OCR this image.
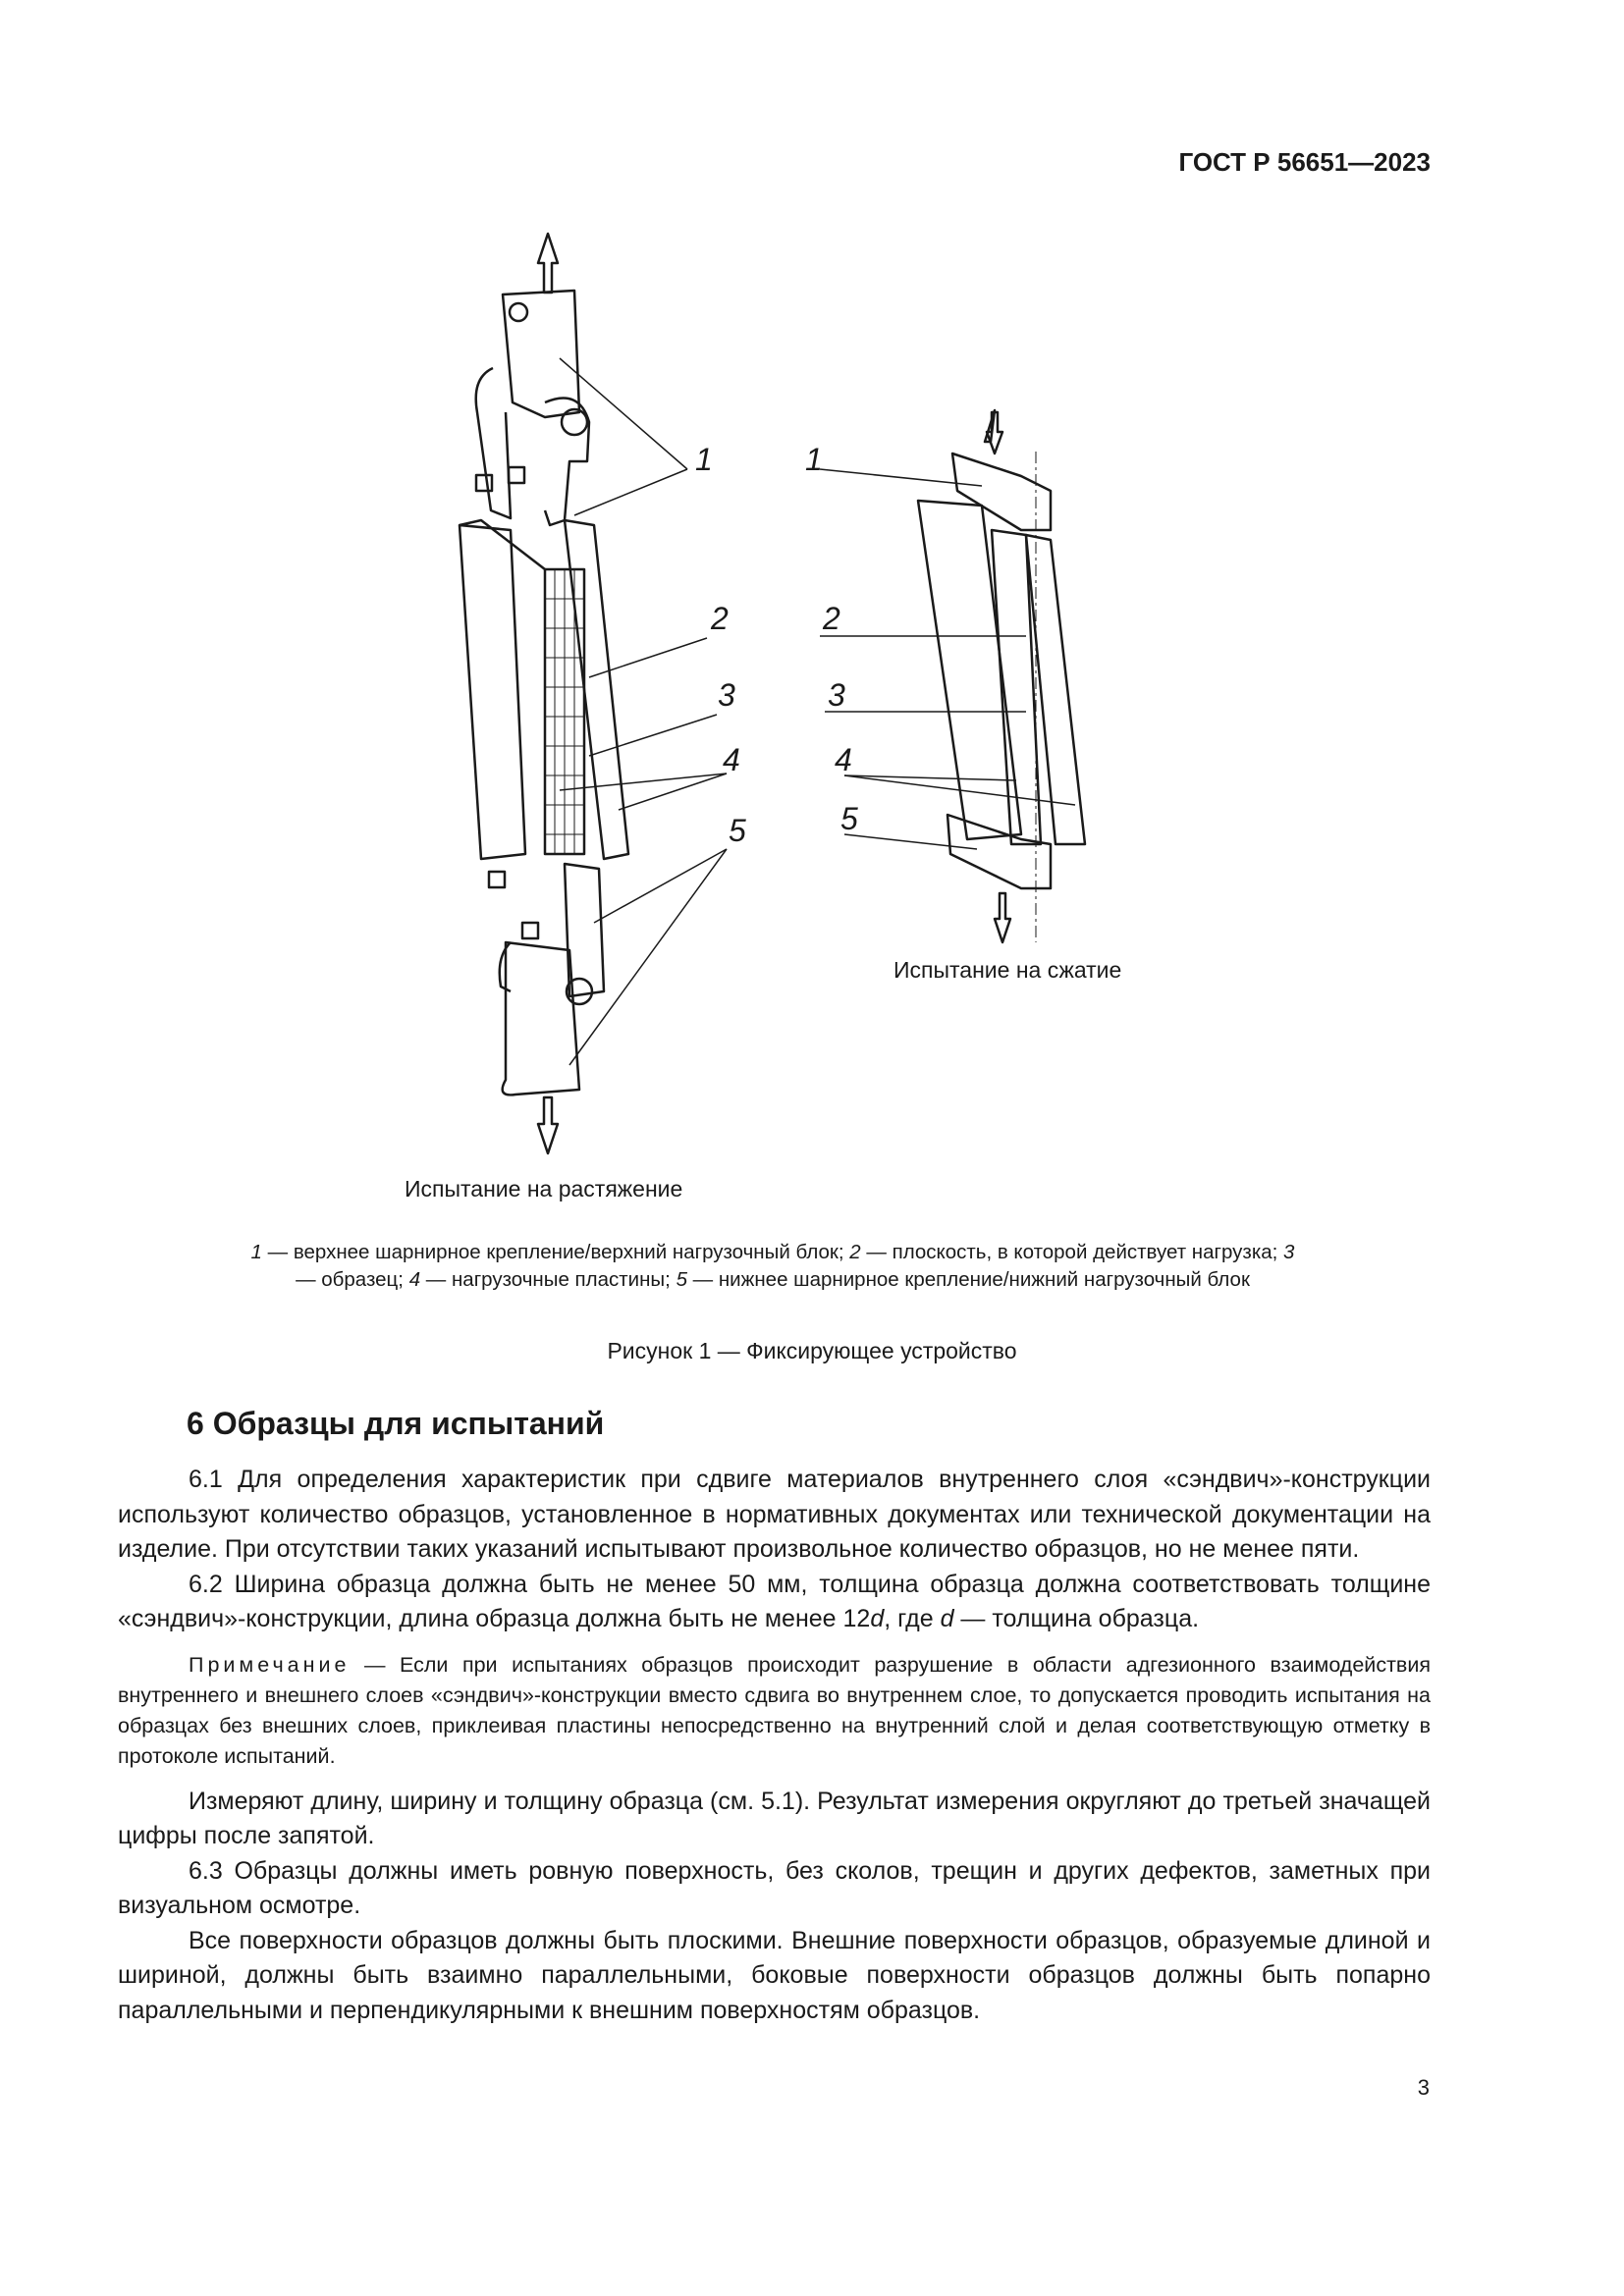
ГОСТ Р 56651—2023
1
2
3
4
5
1
2
3
4
5
Испытание на сжатие
Испытание на растяжение
1 — верхнее шарнирное крепление/верхний нагрузочный блок; 2 — плоскость, в которой действует нагрузка; 3 — образец; 4 — нагрузочные пластины; 5 — нижнее шарнирное крепление/нижний нагрузочный блок
Рисунок 1 — Фиксирующее устройство
6 Образцы для испытаний

6.1 Для определения характеристик при сдвиге материалов внутреннего слоя «сэндвич»-конструкции используют количество образцов, установленное в нормативных документах или технической документации на изделие. При отсутствии таких указаний испытывают произвольное количество образцов, но не менее пяти.

6.2 Ширина образца должна быть не менее 50 мм, толщина образца должна соответствовать толщине «сэндвич»-конструкции, длина образца должна быть не менее 12d, где d — толщина образца.

Примечание — Если при испытаниях образцов происходит разрушение в области адгезионного взаимодействия внутреннего и внешнего слоев «сэндвич»-конструкции вместо сдвига во внутреннем слое, то допускается проводить испытания на образцах без внешних слоев, приклеивая пластины непосредственно на внутренний слой и делая соответствующую отметку в протоколе испытаний.

Измеряют длину, ширину и толщину образца (см. 5.1). Результат измерения округляют до третьей значащей цифры после запятой.

6.3 Образцы должны иметь ровную поверхность, без сколов, трещин и других дефектов, заметных при визуальном осмотре.

Все поверхности образцов должны быть плоскими. Внешние поверхности образцов, образуемые длиной и шириной, должны быть взаимно параллельными, боковые поверхности образцов должны быть попарно параллельными и перпендикулярными к внешним поверхностям образцов.

3
